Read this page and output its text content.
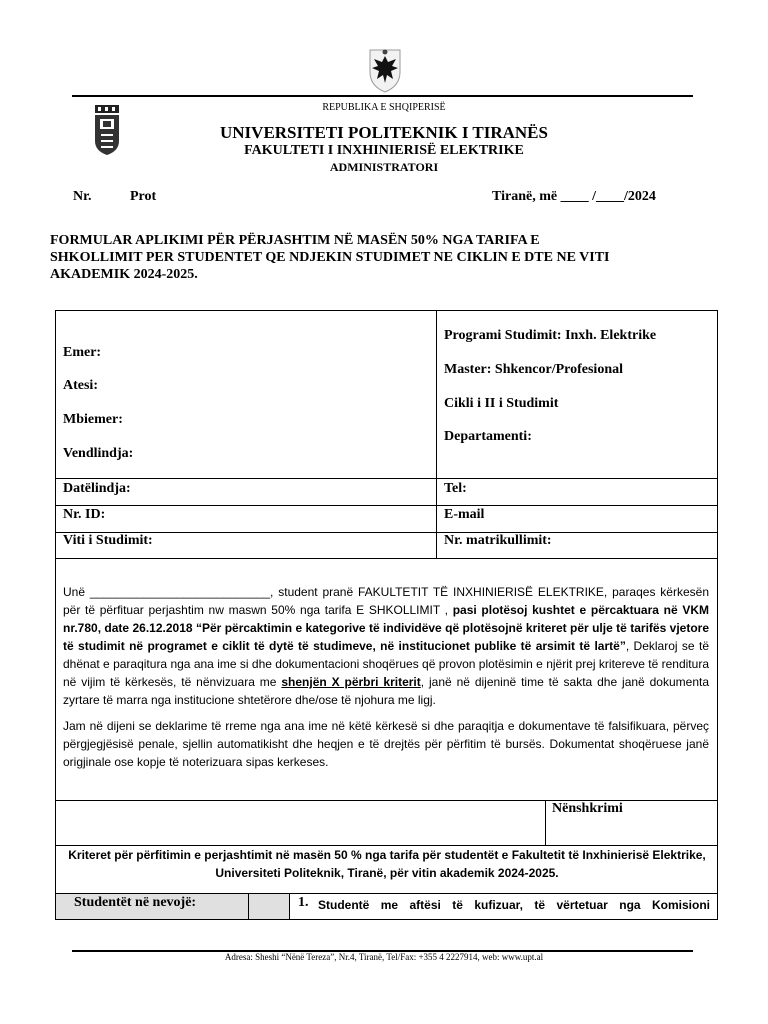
REPUBLIKA E SHQIPERISË
UNIVERSITETI POLITEKNIK I TIRANËS
FAKULTETI I INXHINIERISË ELEKTRIKE
ADMINISTRATORI
Nr.	Prot	Tiranë, më ____ /____/2024
FORMULAR APLIKIMI PËR PËRJASHTIM NË MASËN 50% NGA TARIFA E
SHKOLLIMIT PER STUDENTET QE NDJEKIN STUDIMET NE CIKLIN E DTE NE VITI
AKADEMIK 2024-2025.
Emer:
Atesi:
Mbiemer:
Vendlindja:
Programi Studimit: Inxh. Elektrike
Master: Shkencor/Profesional
Cikli i II i Studimit
Departamenti:
Datëlindja:	Tel:
Nr. ID:	E-mail
Viti i Studimit:	Nr. matrikullimit:

Unë ___________________________, student pranë FAKULTETIT TË INXHINIERISË ELEKTRIKE, paraqes kërkesën për të përfituar perjashtim nw maswn 50% nga tarifa E SHKOLLIMIT , pasi plotësoj kushtet e përcaktuara në VKM nr.780, date 26.12.2018 “Për përcaktimin e kategorive të individëve që plotësojnë kriteret për ulje të tarifës vjetore të studimit në programet e ciklit të dytë të studimeve, në institucionet publike të arsimit të lartë”, Deklaroj se të dhënat e paraqitura nga ana ime si dhe dokumentacioni shoqërues që provon plotësimin e njërit prej kritereve të renditura në vijim të kërkesës, të nënvizuara me shenjën X përbri kriterit, janë në dijeninë time të sakta dhe janë dokumenta zyrtare të marra nga institucione shtetërore dhe/ose të njohura me ligj.

Jam në dijeni se deklarime të rreme nga ana ime në këtë kërkesë si dhe paraqitja e dokumentave të falsifikuara, përveç përgjegjësisë penale, sjellin automatikisht dhe heqjen e të drejtës për përfitim të bursës. Dokumentat shoqëruese janë origjinale ose kopje të noterizuara sipas kerkeses.

Nënshkrimi
Kriteret për përfitimin e perjashtimit në masën 50 % nga tarifa për studentët e Fakultetit të Inxhinierisë Elektrike, Universiteti Politeknik, Tiranë, për vitin akademik 2024-2025.
Studentët në nevojë:	1. Studentë me aftësi të kufizuar, të vërtetuar nga Komisioni
Adresa: Sheshi “Nënë Tereza”, Nr.4, Tiranë, Tel/Fax: +355 4 2227914, web: www.upt.al
